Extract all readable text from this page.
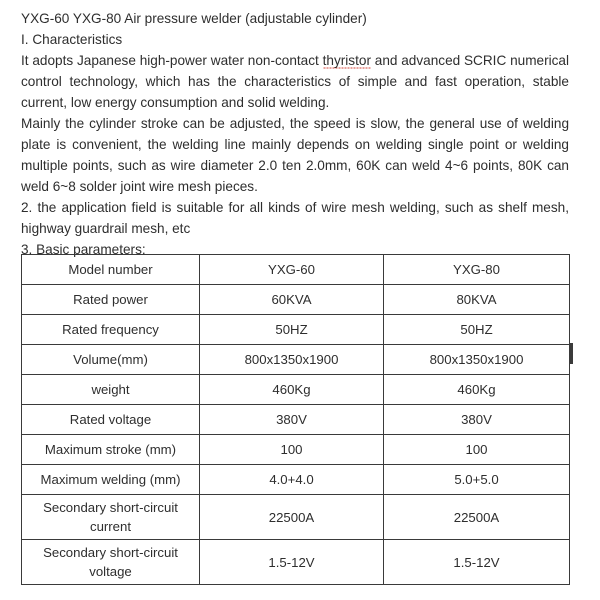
YXG-60 YXG-80 Air pressure welder (adjustable cylinder)

I. Characteristics

It adopts Japanese high-power water non-contact thyristor and advanced SCRIC numerical control technology, which has the characteristics of simple and fast operation, stable current, low energy consumption and solid welding.

Mainly the cylinder stroke can be adjusted, the speed is slow, the general use of welding plate is convenient, the welding line mainly depends on welding single point or welding multiple points, such as wire diameter 2.0 ten 2.0mm, 60K can weld 4~6 points, 80K can weld 6~8 solder joint wire mesh pieces.

2. the application field is suitable for all kinds of wire mesh welding, such as shelf mesh, highway guardrail mesh, etc

3. Basic parameters:

Model number	YXG-60	YXG-80
Rated power	60KVA	80KVA
Rated frequency	50HZ	50HZ
Volume(mm)	800x1350x1900	800x1350x1900
weight	460Kg	460Kg
Rated voltage	380V	380V
Maximum stroke (mm)	100	100
Maximum welding (mm)	4.0+4.0	5.0+5.0
Secondary short-circuit current	22500A	22500A
Secondary short-circuit voltage	1.5-12V	1.5-12V
